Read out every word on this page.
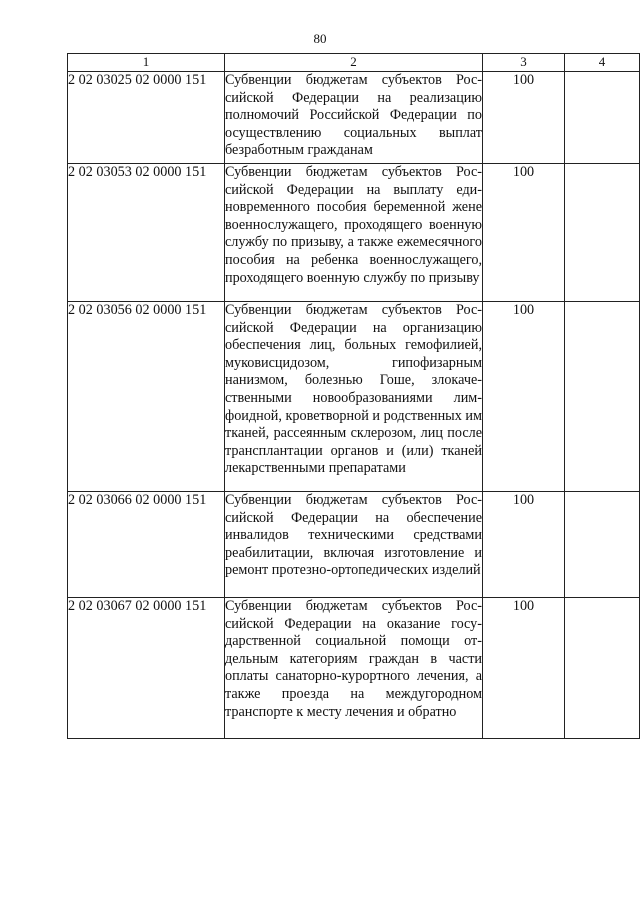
80
1	2	3	4
2 02 03025 02 0000 151	Субвенции бюджетам субъектов Российской Федерации на реализацию полномочий Российской Федерации по осуществлению социальных выплат безработным гражданам	100	
2 02 03053 02 0000 151	Субвенции бюджетам субъектов Российской Федерации на выплату единовременного пособия беременной жене военнослужащего, проходящего военную службу по призыву, а также ежемесячного пособия на ребенка военнослужащего, проходящего военную службу по призыву	100	
2 02 03056 02 0000 151	Субвенции бюджетам субъектов Российской Федерации на организацию обеспечения лиц, больных гемофилией, муковисцидозом, гипофизарным нанизмом, болезнью Гоше, злокачественными новообразованиями лимфоидной, кроветворной и родственных им тканей, рассеянным склерозом, лиц после трансплантации органов и (или) тканей лекарственными препаратами	100	
2 02 03066 02 0000 151	Субвенции бюджетам субъектов Российской Федерации на обеспечение инвалидов техническими средствами реабилитации, включая изготовление и ремонт протезно-ортопедических изделий	100	
2 02 03067 02 0000 151	Субвенции бюджетам субъектов Российской Федерации на оказание государственной социальной помощи отдельным категориям граждан в части оплаты санаторно-курортного лечения, а также проезда на междугородном транспорте к месту лечения и обратно	100	
